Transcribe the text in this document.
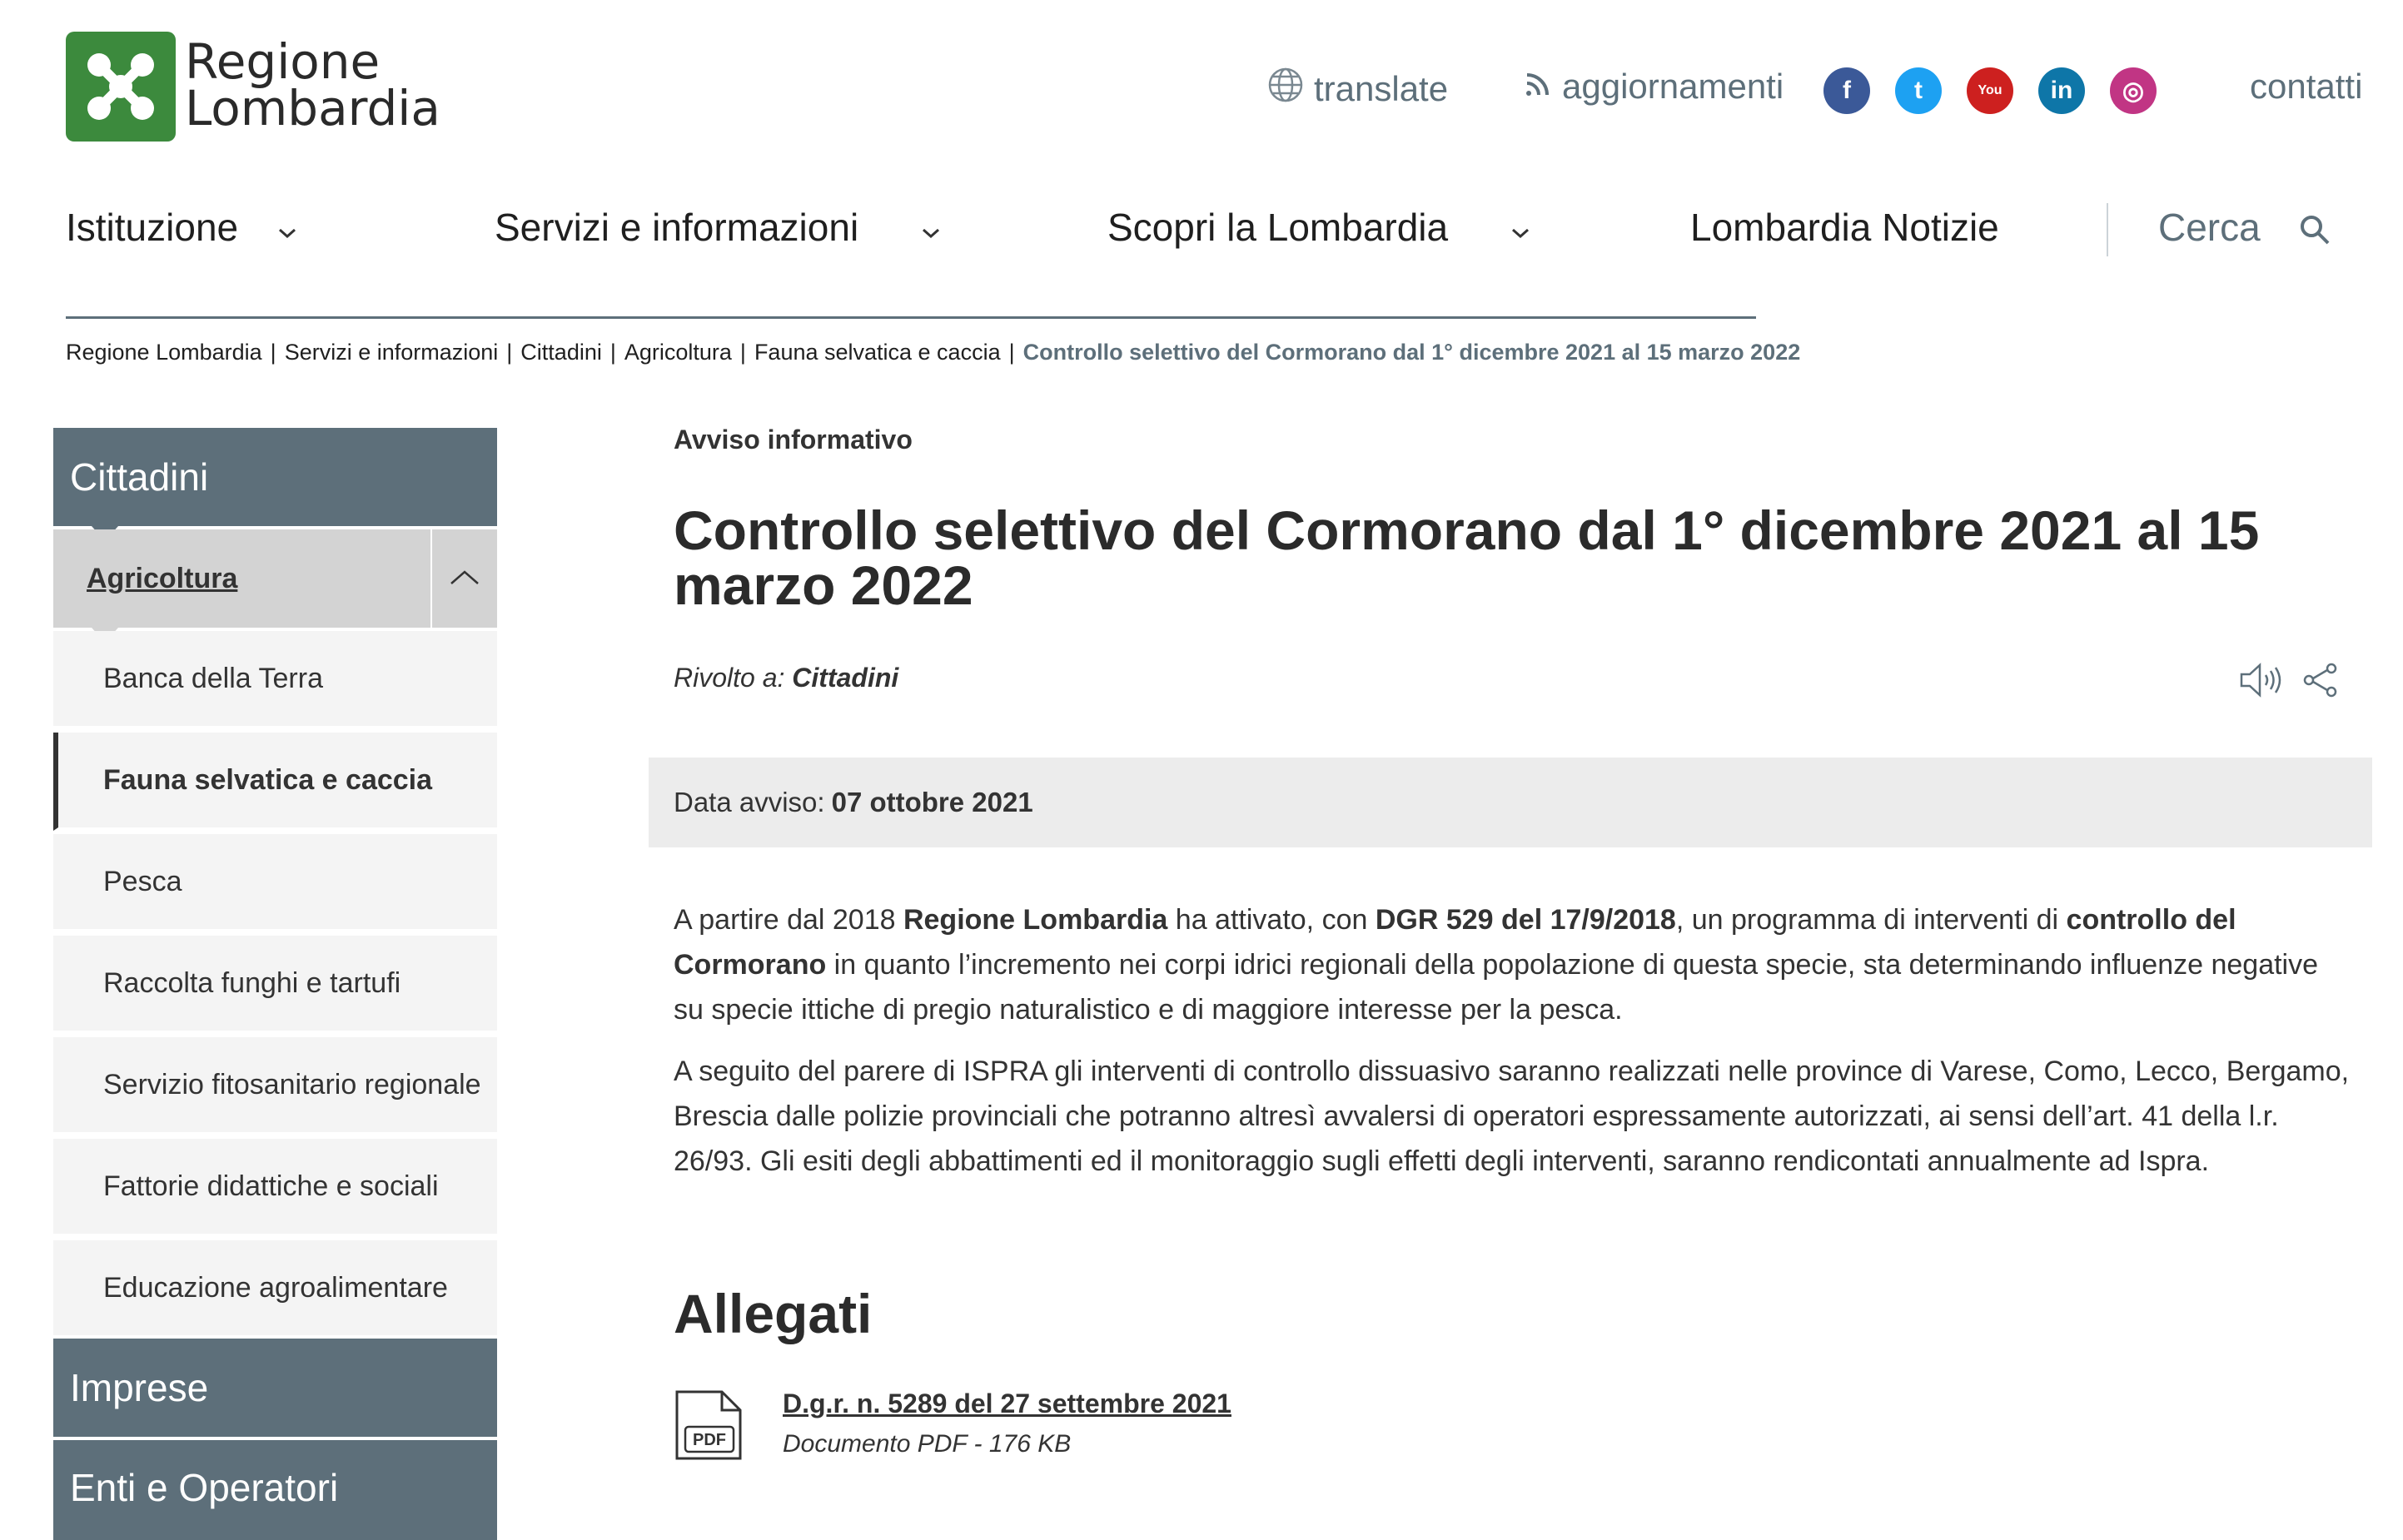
Regione
Lombardia	translate	aggiornamenti f	t	You in ◎	contatti
Istituzione	Servizi e informazioni	Scopri la Lombardia	Lombardia Notizie	Cerca
Regione Lombardia | Servizi e informazioni | Cittadini | Agricoltura | Fauna selvatica e caccia | Controllo selettivo del Cormorano dal 1° dicembre 2021 al 15 marzo 2022
Cittadini
Agricoltura
Banca della Terra
Fauna selvatica e caccia
Pesca
Raccolta funghi e tartufi
Servizio fitosanitario regionale
Fattorie didattiche e sociali
Educazione agroalimentare
Imprese
Enti e Operatori
Avviso informativo
Controllo selettivo del Cormorano dal 1° dicembre 2021 al 15 marzo 2022
Rivolto a: Cittadini
Data avviso: 07 ottobre 2021
A partire dal 2018 Regione Lombardia ha attivato, con DGR 529 del 17/9/2018, un programma di interventi di controllo del Cormorano in quanto l’incremento nei corpi idrici regionali della popolazione di questa specie, sta determinando influenze negative su specie ittiche di pregio naturalistico e di maggiore interesse per la pesca.
A seguito del parere di ISPRA gli interventi di controllo dissuasivo saranno realizzati nelle province di Varese, Como, Lecco, Bergamo, Brescia dalle polizie provinciali che potranno altresì avvalersi di operatori espressamente autorizzati, ai sensi dell’art. 41 della l.r. 26/93. Gli esiti degli abbattimenti ed il monitoraggio sugli effetti degli interventi, saranno rendicontati annualmente ad Ispra.
Allegati
PDF
D.g.r. n. 5289 del 27 settembre 2021
Documento PDF - 176 KB
